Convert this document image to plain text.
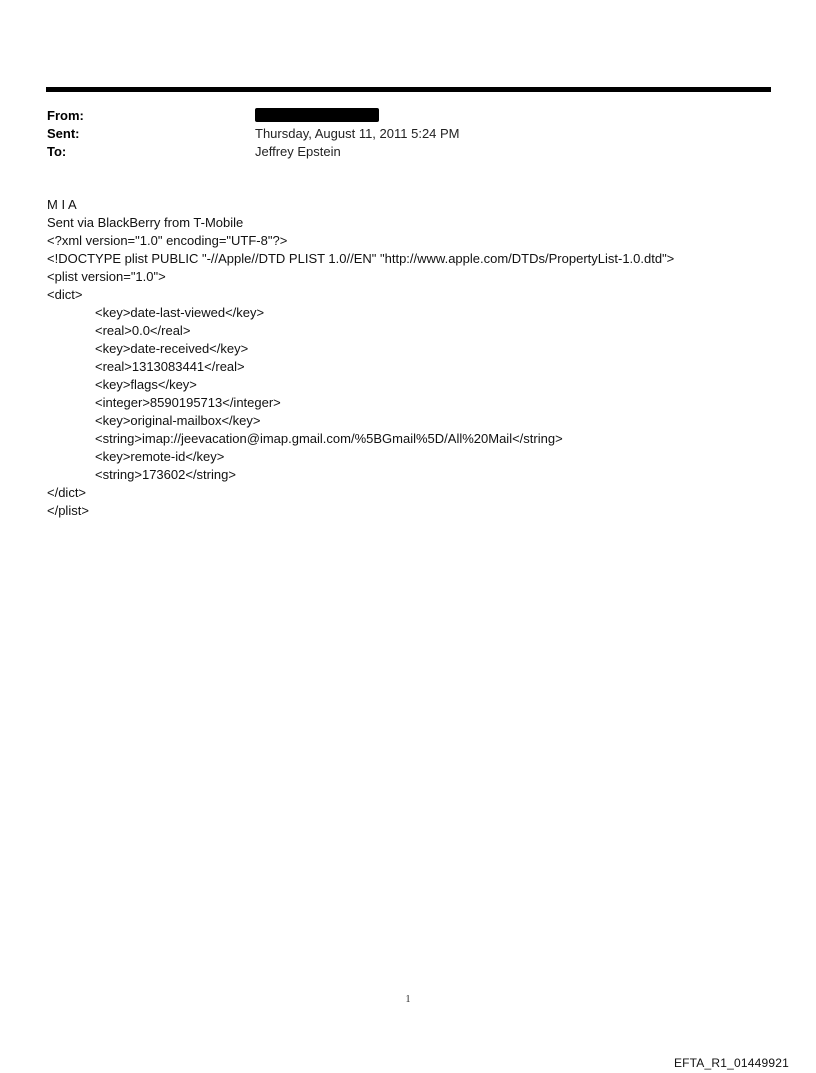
From:
Sent:	Thursday, August 11, 2011 5:24 PM
To:	Jeffrey Epstein
M I A
Sent via BlackBerry from T-Mobile
<?xml version="1.0" encoding="UTF-8"?>
<!DOCTYPE plist PUBLIC "-//Apple//DTD PLIST 1.0//EN" "http://www.apple.com/DTDs/PropertyList-1.0.dtd">
<plist version="1.0">
<dict>
<key>date-last-viewed</key>
<real>0.0</real>
<key>date-received</key>
<real>1313083441</real>
<key>flags</key>
<integer>8590195713</integer>
<key>original-mailbox</key>
<string>imap://jeevacation@imap.gmail.com/%5BGmail%5D/All%20Mail</string>
<key>remote-id</key>
<string>173602</string>
</dict>
</plist>
1
EFTA_R1_01449921
